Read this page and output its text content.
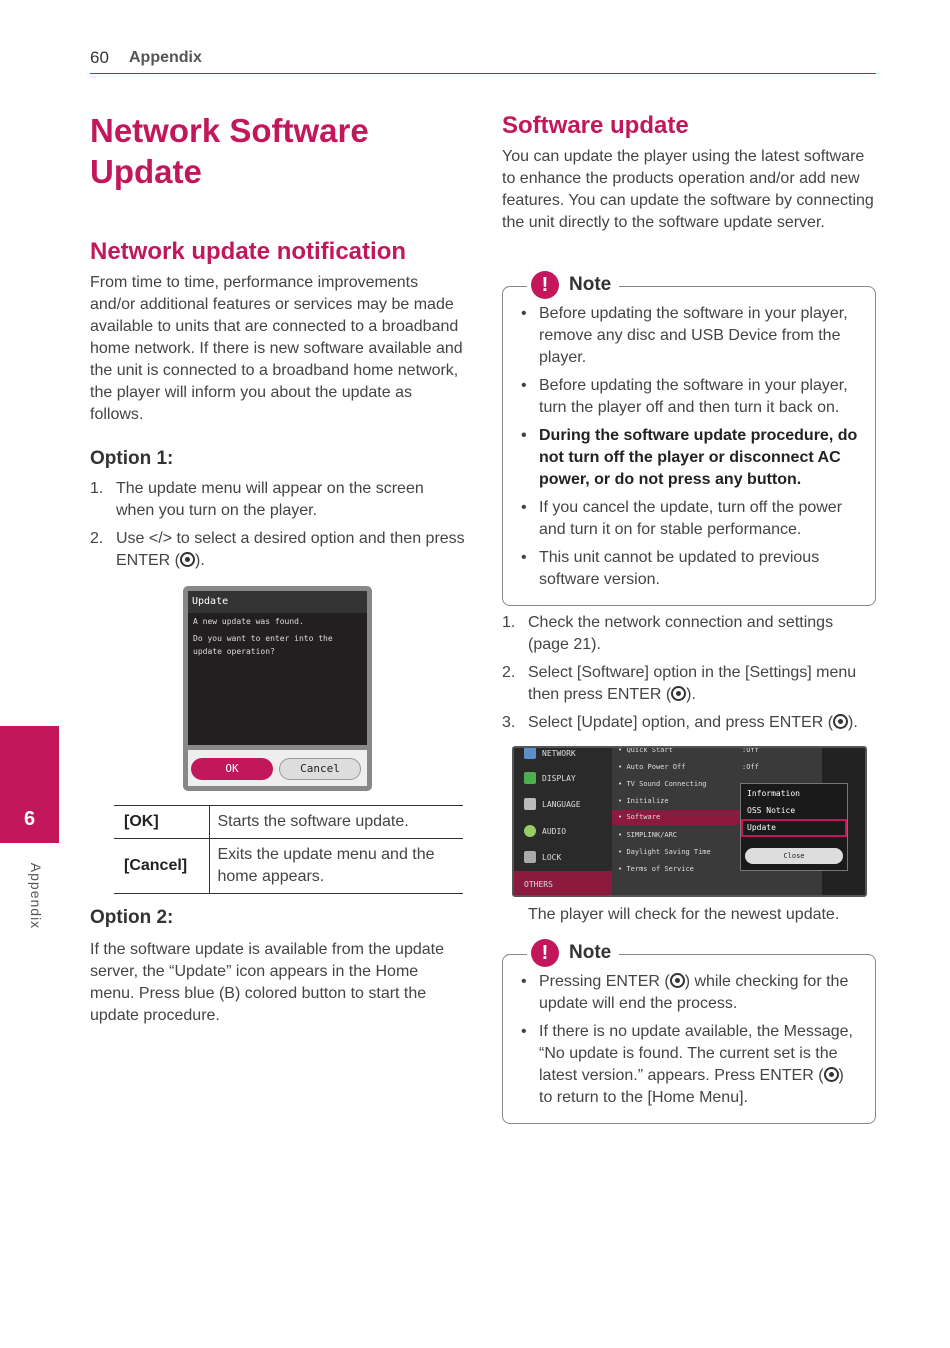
60 Appendix
6
Appendix
Network Software Update
Network update notification

From time to time, performance improvements and/or additional features or services may be made available to units that are connected to a broadband home network. If there is new software available and the unit is connected to a broadband home network, the player will inform you about the update as follows.

Option 1:
1. The update menu will appear on the screen when you turn on the player.
2. Use </> to select a desired option and then press ENTER ( ).
Update
A new update was found.
Do you want to enter into the update operation?
OK	Cancel
[OK]	Starts the software update.
[Cancel]	Exits the update menu and the home appears.
Option 2:

If the software update is available from the update server, the “Update” icon appears in the Home menu. Press blue (B) colored button to start the update procedure.

Software update

You can update the player using the latest software to enhance the products operation and/or add new features. You can update the software by connecting the unit directly to the software update server.

!	Note
• Before updating the software in your player, remove any disc and USB Device from the player.
• Before updating the software in your player, turn the player off and then turn it back on.
• During the software update procedure, do not turn off the player or disconnect AC power, or do not press any button.
• If you cancel the update, turn off the power and turn it on for stable performance.
• This unit cannot be updated to previous software version.
1. Check the network connection and settings (page 21).
2. Select [Software] option in the [Settings] menu then press ENTER ( ).
3. Select [Update] option, and press ENTER ( ).
NETWORK
DISPLAY
LANGUAGE
AUDIO
LOCK
OTHERS
• Quick Start	:Off
• Auto Power Off	:Off
• TV Sound Connecting
• Initialize
• Software
• SIMPLINK/ARC
• Daylight Saving Time
• Terms of Service
Information
OSS Notice
Update
Close

The player will check for the newest update.

!	Note
• Pressing ENTER ( ) while checking for the update will end the process.
• If there is no update available, the Message, “No update is found. The current set is the latest version.” appears. Press ENTER ( ) to return to the [Home Menu].
